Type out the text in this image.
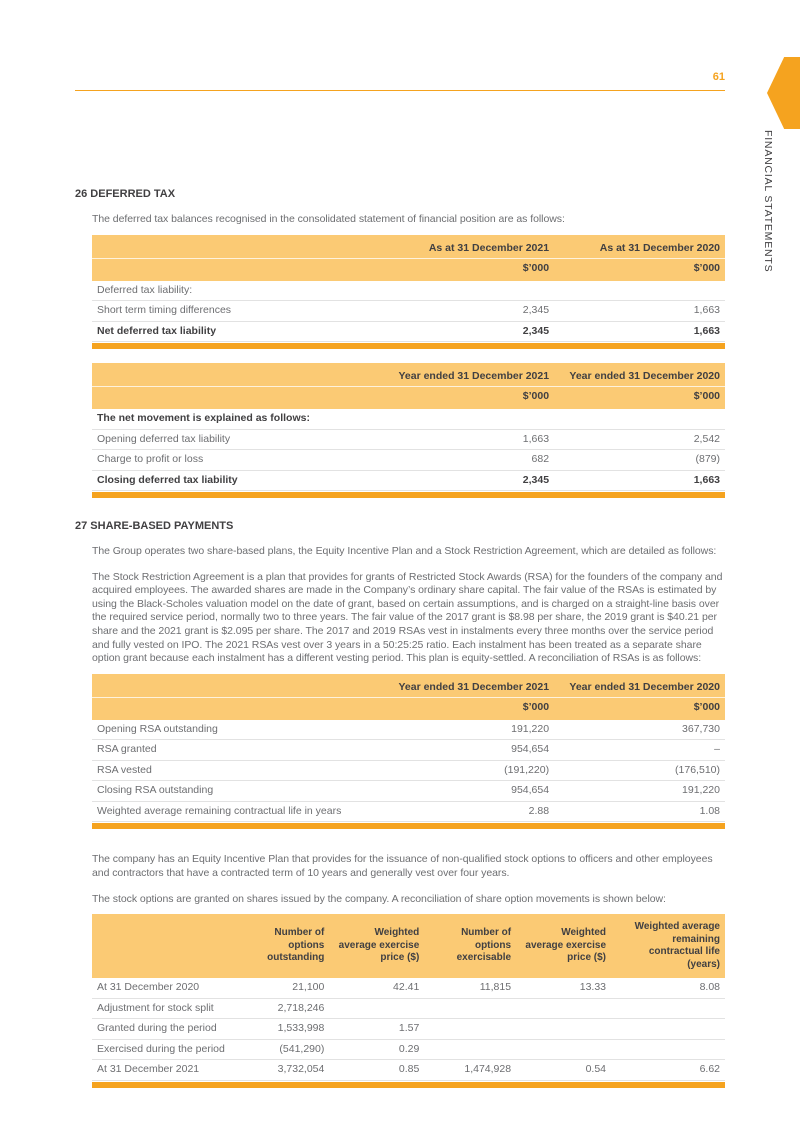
61
FINANCIAL STATEMENTS
26 DEFERRED TAX

The deferred tax balances recognised in the consolidated statement of financial position are as follows:

	As at 31 December 2021	As at 31 December 2020
	$’000	$’000
Deferred tax liability:		
Short term timing differences	2,345	1,663
Net deferred tax liability	2,345	1,663
	Year ended 31 December 2021	Year ended 31 December 2020
	$’000	$’000
The net movement is explained as follows:		
Opening deferred tax liability	1,663	2,542
Charge to profit or loss	682	(879)
Closing deferred tax liability	2,345	1,663
27 SHARE-BASED PAYMENTS

The Group operates two share-based plans, the Equity Incentive Plan and a Stock Restriction Agreement, which are detailed as follows:

The Stock Restriction Agreement is a plan that provides for grants of Restricted Stock Awards (RSA) for the founders of the company and acquired employees. The awarded shares are made in the Company’s ordinary share capital. The fair value of the RSAs is estimated by using the Black-Scholes valuation model on the date of grant, based on certain assumptions, and is charged on a straight-line basis over the required service period, normally two to three years. The fair value of the 2017 grant is $8.98 per share, the 2019 grant is $40.21 per share and the 2021 grant is $2.095 per share. The 2017 and 2019 RSAs vest in instalments every three months over the service period and fully vested on IPO. The 2021 RSAs vest over 3 years in a 50:25:25 ratio. Each instalment has been treated as a separate share option grant because each instalment has a different vesting period. This plan is equity-settled. A reconciliation of RSAs is as follows:

	Year ended 31 December 2021	Year ended 31 December 2020
	$’000	$’000
Opening RSA outstanding	191,220	367,730
RSA granted	954,654	–
RSA vested	(191,220)	(176,510)
Closing RSA outstanding	954,654	191,220
Weighted average remaining contractual life in years	2.88	1.08

The company has an Equity Incentive Plan that provides for the issuance of non-qualified stock options to officers and other employees and contractors that have a contracted term of 10 years and generally vest over four years.

The stock options are granted on shares issued by the company. A reconciliation of share option movements is shown below:

	Number of options outstanding	Weighted average exercise price ($)	Number of options exercisable	Weighted average exercise price ($)	Weighted average remaining contractual life (years)
At 31 December 2020	21,100	42.41	11,815	13.33	8.08
Adjustment for stock split	2,718,246				
Granted during the period	1,533,998	1.57			
Exercised during the period	(541,290)	0.29			
At 31 December 2021	3,732,054	0.85	1,474,928	0.54	6.62
